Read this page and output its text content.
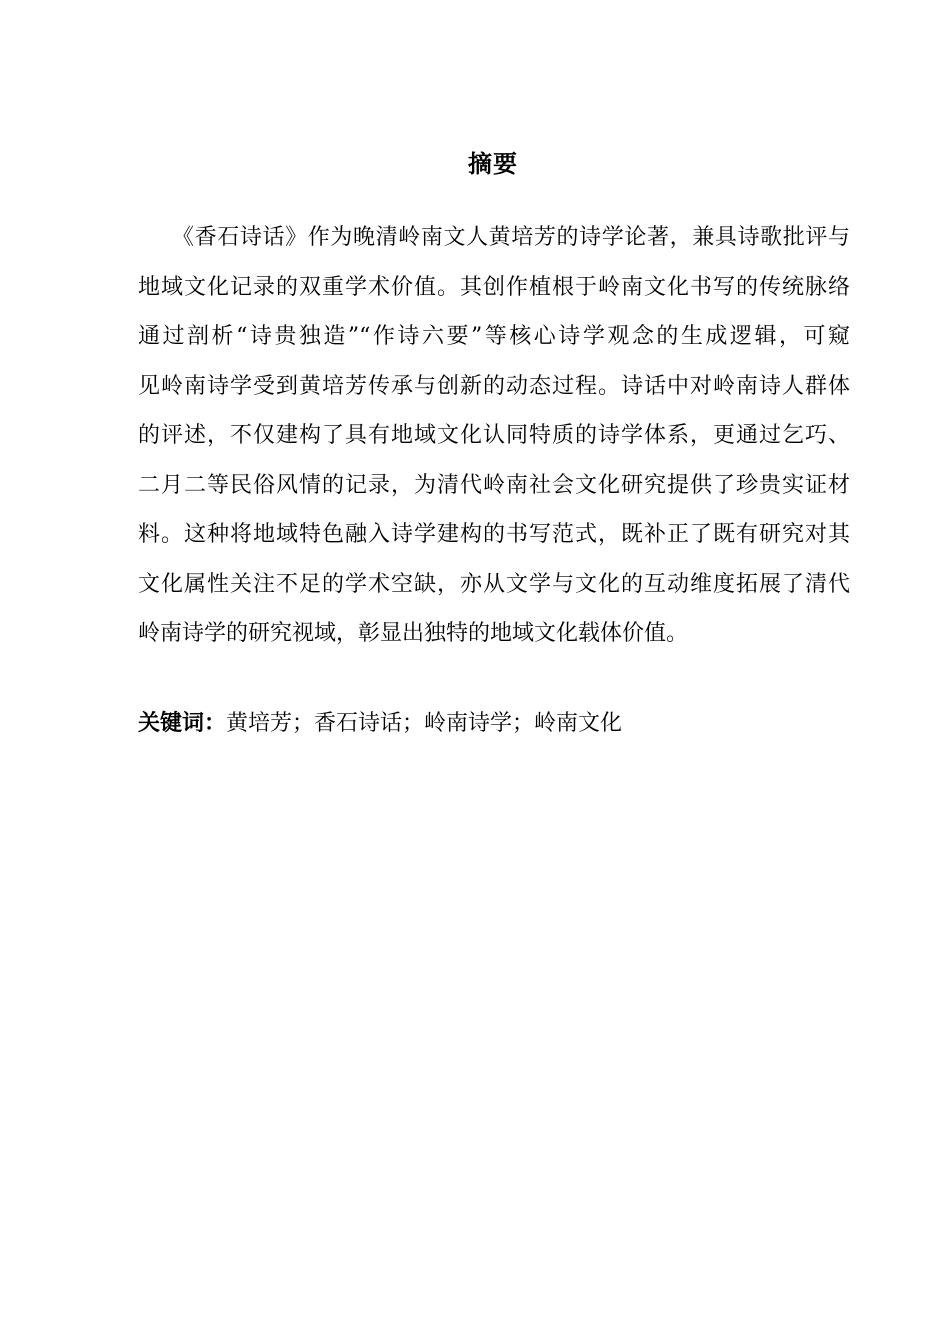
摘要
《香石诗话》作为晚清岭南文人黄培芳的诗学论著，兼具诗歌批评与
地域文化记录的双重学术价值。其创作植根于岭南文化书写的传统脉络
通过剖析“诗贵独造”“作诗六要”等核心诗学观念的生成逻辑，可窥
见岭南诗学受到黄培芳传承与创新的动态过程。诗话中对岭南诗人群体
的评述，不仅建构了具有地域文化认同特质的诗学体系，更通过乞巧、
二月二等民俗风情的记录，为清代岭南社会文化研究提供了珍贵实证材
料。这种将地域特色融入诗学建构的书写范式，既补正了既有研究对其
文化属性关注不足的学术空缺，亦从文学与文化的互动维度拓展了清代
岭南诗学的研究视域，彰显出独特的地域文化载体价值。
关键词：黄培芳；香石诗话；岭南诗学；岭南文化
